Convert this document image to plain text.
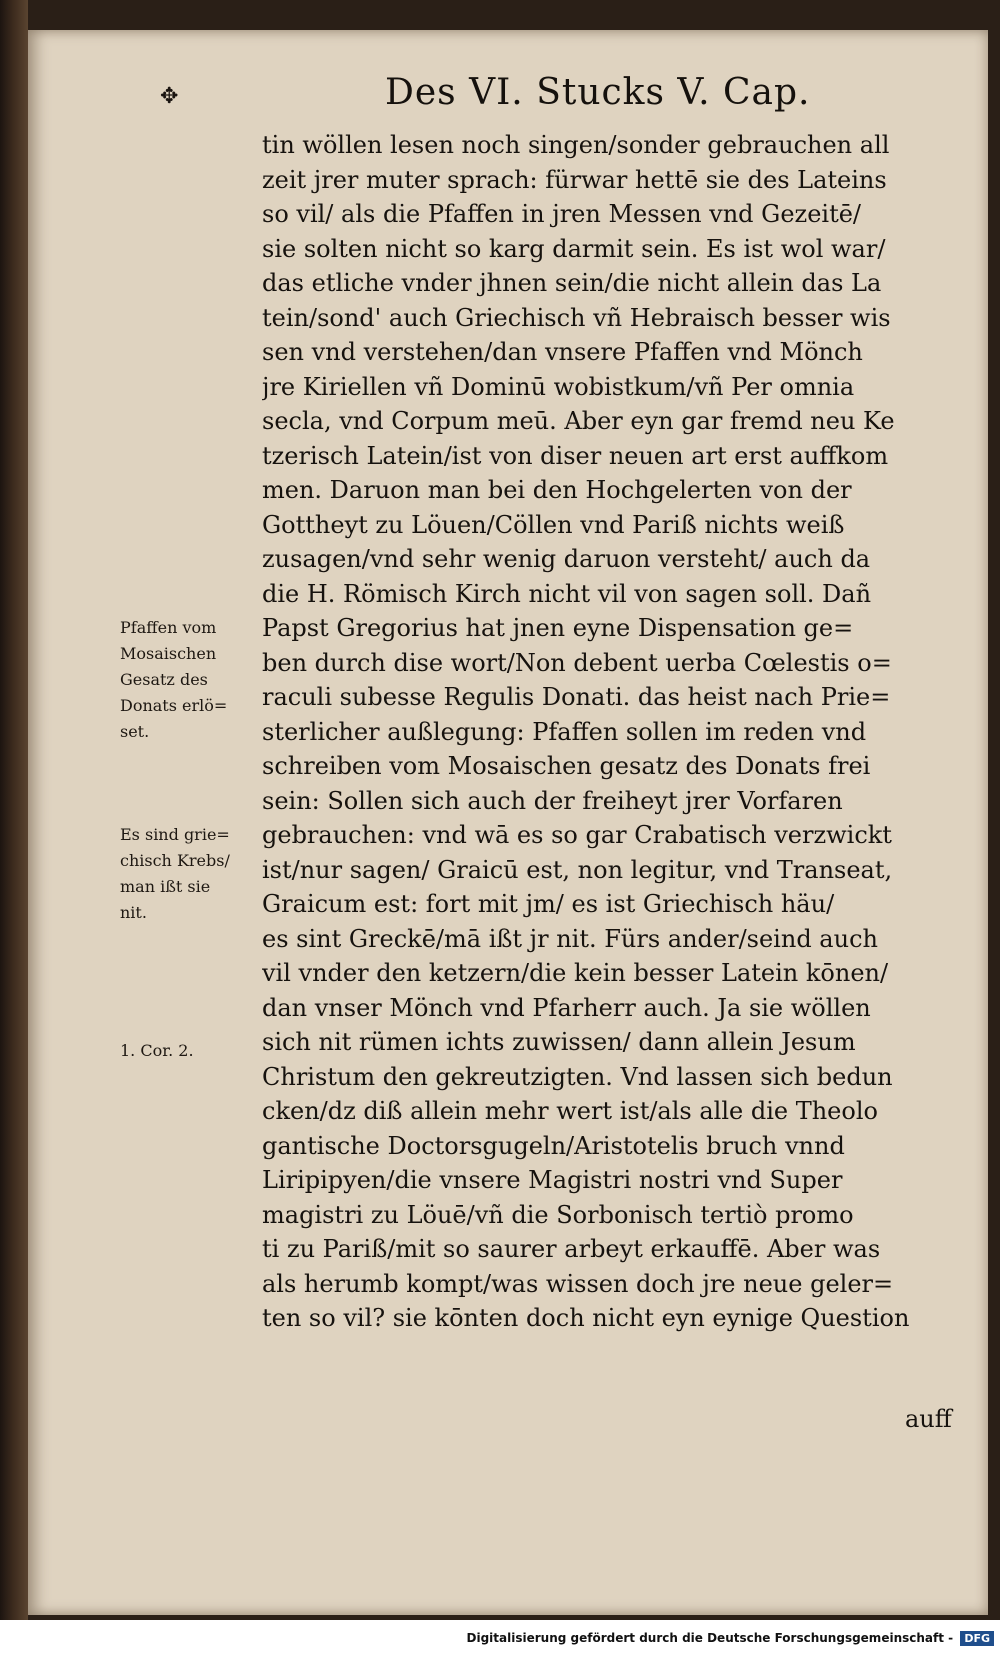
✥	Des VI. Stucks V. Cap.
tin wöllen lesen noch singen/sonder gebrauchen all
zeit jrer muter sprach: fürwar hettē sie des Lateins
so vil/ als die Pfaffen in jren Messen vnd Gezeitē/
sie solten nicht so karg darmit sein. Es ist wol war/
das etliche vnder jhnen sein/die nicht allein das La
tein/sond' auch Griechisch vñ Hebraisch besser wis
sen vnd verstehen/dan vnsere Pfaffen vnd Mönch
jre Kiriellen vñ Dominū wobistkum/vñ Per omnia
secla, vnd Corpum meū. Aber eyn gar fremd neu Ke
tzerisch Latein/ist von diser neuen art erst auffkom
men. Daruon man bei den Hochgelerten von der
Gottheyt zu Löuen/Cöllen vnd Pariß nichts weiß
zusagen/vnd sehr wenig daruon versteht/ auch da
die H. Römisch Kirch nicht vil von sagen soll. Dañ
Papst Gregorius hat jnen eyne Dispensation ge=
ben durch dise wort/Non debent uerba Cœlestis o=
raculi subesse Regulis Donati. das heist nach Prie=
sterlicher außlegung: Pfaffen sollen im reden vnd
schreiben vom Mosaischen gesatz des Donats frei
sein: Sollen sich auch der freiheyt jrer Vorfaren
gebrauchen: vnd wā es so gar Crabatisch verzwickt
ist/nur sagen/ Graicū est, non legitur, vnd Transeat,
Graicum est: fort mit jm/ es ist Griechisch häu/
es sint Greckē/mā ißt jr nit. Fürs ander/seind auch
vil vnder den ketzern/die kein besser Latein kōnen/
dan vnser Mönch vnd Pfarherr auch. Ja sie wöllen
sich nit rümen ichts zuwissen/ dann allein Jesum
Christum den gekreutzigten. Vnd lassen sich bedun
cken/dz diß allein mehr wert ist/als alle die Theolo
gantische Doctorsgugeln/Aristotelis bruch vnnd
Liripipyen/die vnsere Magistri nostri vnd Super
magistri zu Löuē/vñ die Sorbonisch tertiò promo
ti zu Pariß/mit so saurer arbeyt erkauffē. Aber was
als herumb kompt/was wissen doch jre neue geler=
ten so vil? sie kōnten doch nicht eyn eynige Question
auff
Pfaffen vom
Mosaischen
Gesatz des
Donats erlö=
set.
Es sind grie=
chisch Krebs/
man ißt sie
nit.
1. Cor. 2.
Digitalisierung gefördert durch die Deutsche Forschungsgemeinschaft - DFG
